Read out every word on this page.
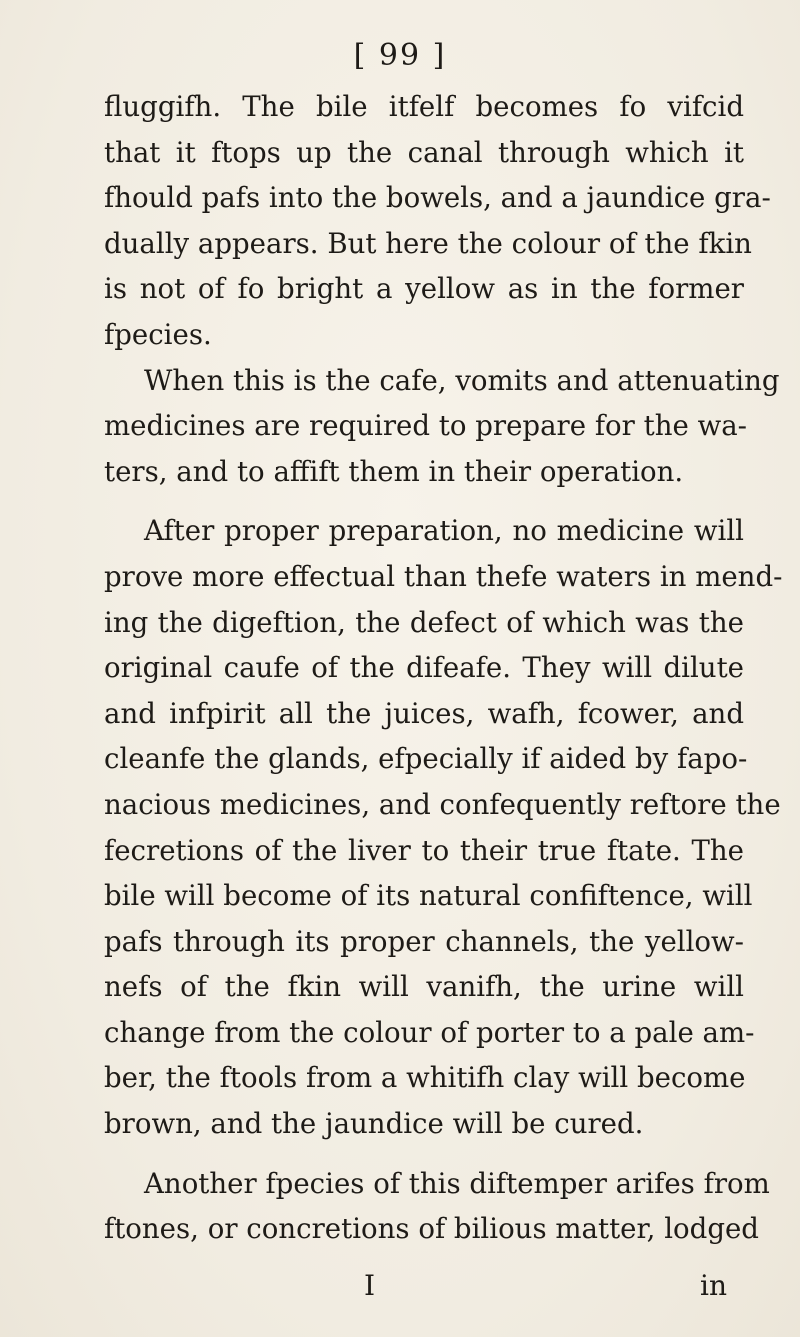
[ 99 ]
fluggifh. The bile itfelf becomes fo vifcid
that it ftops up the canal through which it
fhould pafs into the bowels, and a jaundice gra-
dually appears. But here the colour of the fkin
is not of fo bright a yellow as in the former
fpecies.
When this is the cafe, vomits and attenuating
medicines are required to prepare for the wa-
ters, and to affift them in their operation.
After proper preparation, no medicine will
prove more effectual than thefe waters in mend-
ing the digeftion, the defect of which was the
original caufe of the difeafe. They will dilute
and infpirit all the juices, wafh, fcower, and
cleanfe the glands, efpecially if aided by fapo-
nacious medicines, and confequently reftore the
fecretions of the liver to their true ftate. The
bile will become of its natural confiftence, will
pafs through its proper channels, the yellow-
nefs of the fkin will vanifh, the urine will
change from the colour of porter to a pale am-
ber, the ftools from a whitifh clay will become
brown, and the jaundice will be cured.
Another fpecies of this diftemper arifes from
ftones, or concretions of bilious matter, lodged
I	in
